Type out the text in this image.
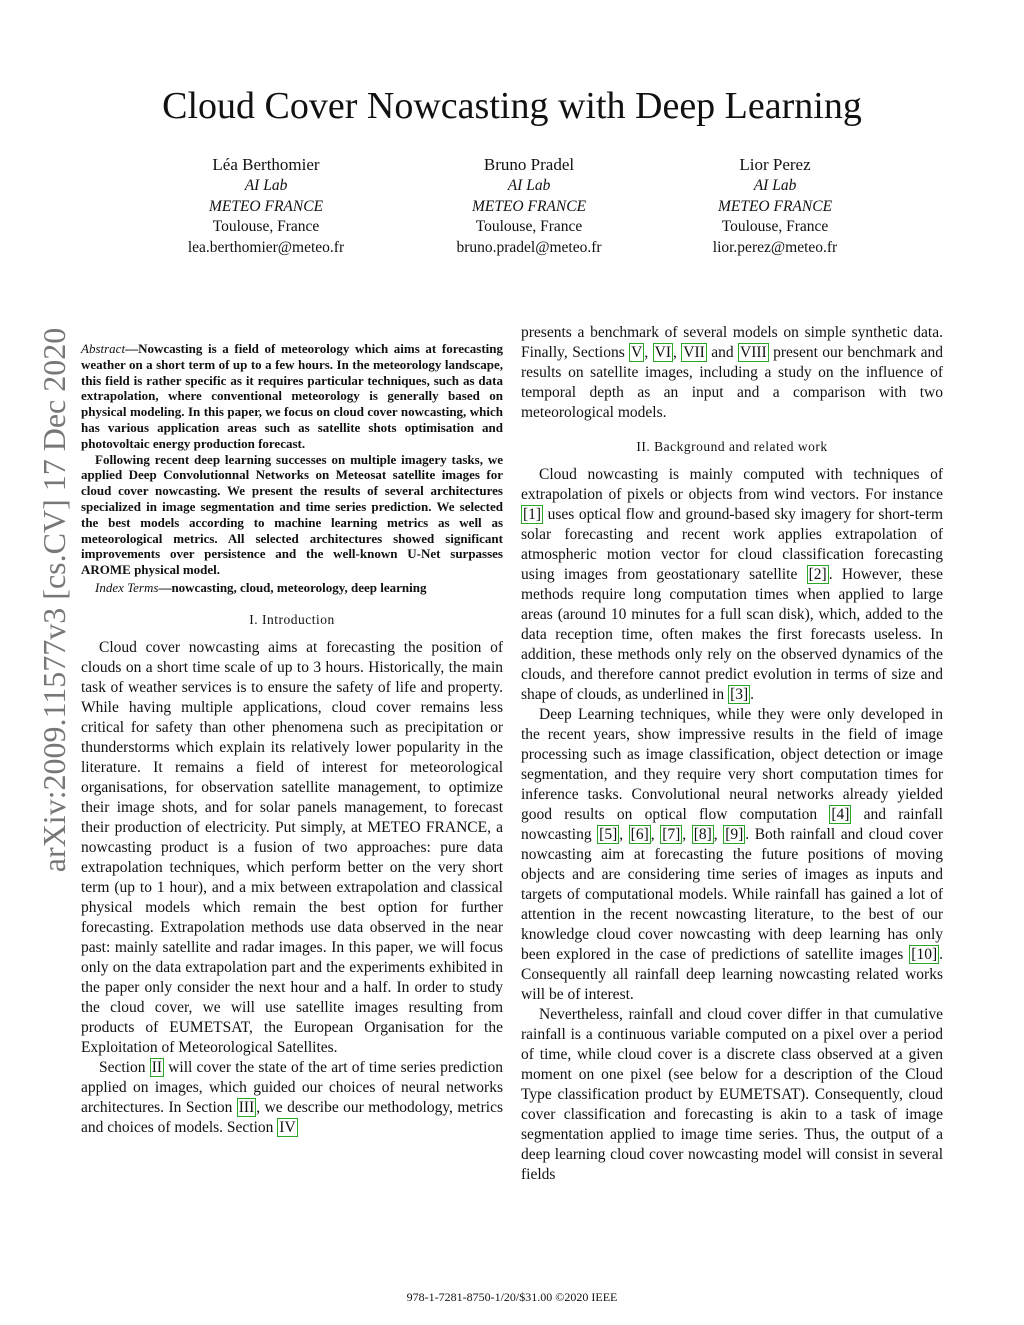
Cloud Cover Nowcasting with Deep Learning
Léa Berthomier
AI Lab
METEO FRANCE
Toulouse, France
lea.berthomier@meteo.fr
Bruno Pradel
AI Lab
METEO FRANCE
Toulouse, France
bruno.pradel@meteo.fr
Lior Perez
AI Lab
METEO FRANCE
Toulouse, France
lior.perez@meteo.fr
arXiv:2009.11577v3 [cs.CV] 17 Dec 2020 Abstract—Nowcasting is a field of meteorology which aims at forecasting weather on a short term of up to a few hours. In the meteorology landscape, this field is rather specific as it requires particular techniques, such as data extrapolation, where conventional meteorology is generally based on physical modeling. In this paper, we focus on cloud cover nowcasting, which has various application areas such as satellite shots optimisation and photovoltaic energy production forecast.

Following recent deep learning successes on multiple imagery tasks, we applied Deep Convolutionnal Networks on Meteosat satellite images for cloud cover nowcasting. We present the results of several architectures specialized in image segmentation and time series prediction. We selected the best models according to machine learning metrics as well as meteorological metrics. All selected architectures showed significant improvements over persistence and the well-known U-Net surpasses AROME physical model.

Index Terms—nowcasting, cloud, meteorology, deep learning

I. Introduction

Cloud cover nowcasting aims at forecasting the position of clouds on a short time scale of up to 3 hours. Historically, the main task of weather services is to ensure the safety of life and property. While having multiple applications, cloud cover remains less critical for safety than other phenomena such as precipitation or thunderstorms which explain its relatively lower popularity in the literature. It remains a field of interest for meteorological organisations, for observation satellite management, to optimize their image shots, and for solar panels management, to forecast their production of electricity. Put simply, at METEO FRANCE, a nowcasting product is a fusion of two approaches: pure data extrapolation techniques, which perform better on the very short term (up to 1 hour), and a mix between extrapolation and classical physical models which remain the best option for further forecasting. Extrapolation methods use data observed in the near past: mainly satellite and radar images. In this paper, we will focus only on the data extrapolation part and the experiments exhibited in the paper only consider the next hour and a half. In order to study the cloud cover, we will use satellite images resulting from products of EUMETSAT, the European Organisation for the Exploitation of Meteorological Satellites.

Section II will cover the state of the art of time series prediction applied on images, which guided our choices of neural networks architectures. In Section III , we describe our methodology, metrics and choices of models. Section IV

presents a benchmark of several models on simple synthetic data. Finally, Sections V , VI , VII and VIII present our benchmark and results on satellite images, including a study on the influence of temporal depth as an input and a comparison with two meteorological models.

II. Background and related work

Cloud nowcasting is mainly computed with techniques of extrapolation of pixels or objects from wind vectors. For instance [1] uses optical flow and ground-based sky imagery for short-term solar forecasting and recent work applies extrapolation of atmospheric motion vector for cloud classification forecasting using images from geostationary satellite [2] . However, these methods require long computation times when applied to large areas (around 10 minutes for a full scan disk), which, added to the data reception time, often makes the first forecasts useless. In addition, these methods only rely on the observed dynamics of the clouds, and therefore cannot predict evolution in terms of size and shape of clouds, as underlined in [3] .

Deep Learning techniques, while they were only developed in the recent years, show impressive results in the field of image processing such as image classification, object detection or image segmentation, and they require very short computation times for inference tasks. Convolutional neural networks already yielded good results on optical flow computation [4] and rainfall nowcasting [5] , [6] , [7] , [8] , [9] . Both rainfall and cloud cover nowcasting aim at forecasting the future positions of moving objects and are considering time series of images as inputs and targets of computational models. While rainfall has gained a lot of attention in the recent nowcasting literature, to the best of our knowledge cloud cover nowcasting with deep learning has only been explored in the case of predictions of satellite images [10] . Consequently all rainfall deep learning nowcasting related works will be of interest.

Nevertheless, rainfall and cloud cover differ in that cumulative rainfall is a continuous variable computed on a pixel over a period of time, while cloud cover is a discrete class observed at a given moment on one pixel (see below for a description of the Cloud Type classification product by EUMETSAT). Consequently, cloud cover classification and forecasting is akin to a task of image segmentation applied to image time series. Thus, the output of a deep learning cloud cover nowcasting model will consist in several fields

978-1-7281-8750-1/20/$31.00 ©2020 IEEE
